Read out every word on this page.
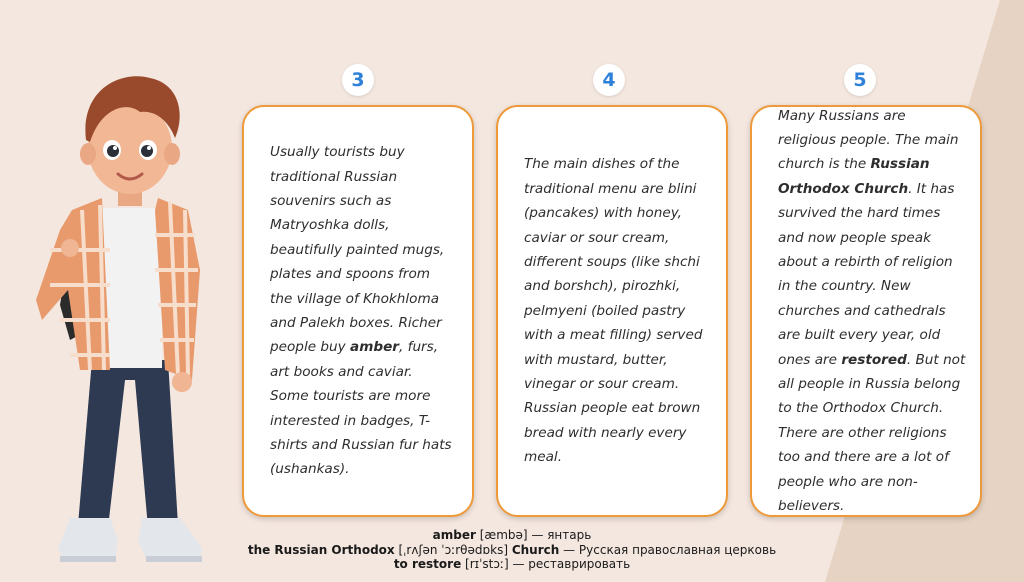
3	4	5

Usually tourists buy traditional Russian souvenirs such as Matryoshka dolls, beautifully painted mugs, plates and spoons from the village of Khokhloma and Palekh boxes. Richer people buy amber, furs, art books and caviar. Some tourists are more interested in badges, T-shirts and Russian fur hats (ushankas).

The main dishes of the traditional menu are blini (pancakes) with honey, caviar or sour cream, different soups (like shchi and borshch), pirozhki, pelmyeni (boiled pastry with a meat filling) served with mustard, butter, vinegar or sour cream. Russian people eat brown bread with nearly every meal.

Many Russians are religious people. The main church is the Russian Orthodox Church. It has survived the hard times and now people speak about a rebirth of religion in the country. New churches and cathedrals are built every year, old ones are restored. But not all people in Russia belong to the Orthodox Church. There are other religions too and there are a lot of people who are non-believers.

amber [æmbə] — янтарь
the Russian Orthodox [ˌrʌʃən ˈɔːrθədɒks] Church — Русская православная церковь
to restore [rɪˈstɔː] — реставрировать
